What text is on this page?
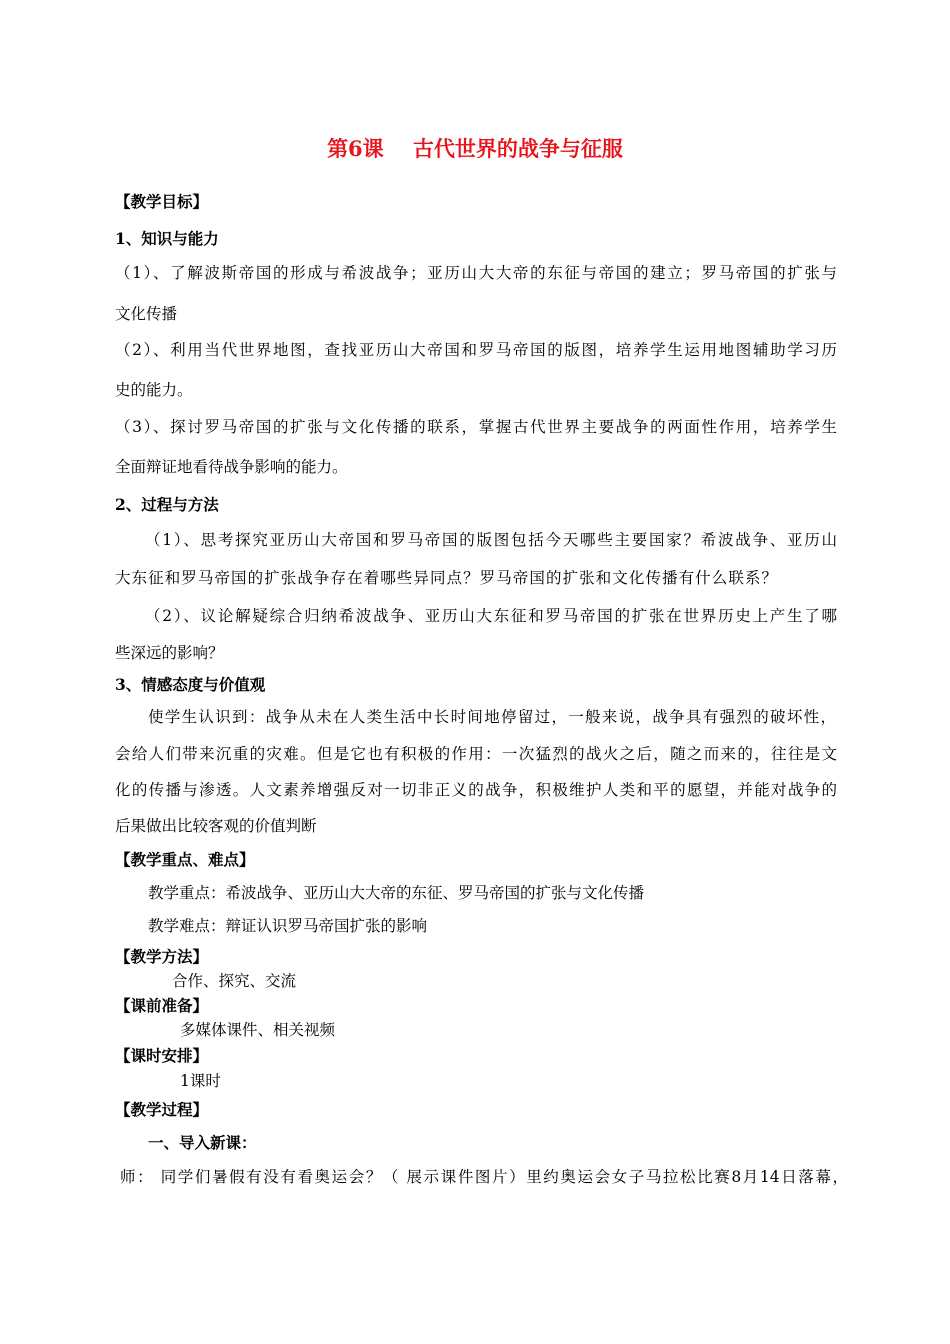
第6课    古代世界的战争与征服
【教学目标】
1、知识与能力
（1）、了解波斯帝国的形成与希波战争；亚历山大大帝的东征与帝国的建立；罗马帝国的扩张与
文化传播
（2）、利用当代世界地图，查找亚历山大帝国和罗马帝国的版图，培养学生运用地图辅助学习历
史的能力。
（3）、探讨罗马帝国的扩张与文化传播的联系，掌握古代世界主要战争的两面性作用，培养学生
全面辩证地看待战争影响的能力。
2、过程与方法
（1）、思考探究亚历山大帝国和罗马帝国的版图包括今天哪些主要国家？希波战争、亚历山
大东征和罗马帝国的扩张战争存在着哪些异同点？罗马帝国的扩张和文化传播有什么联系？
（2）、议论解疑综合归纳希波战争、亚历山大东征和罗马帝国的扩张在世界历史上产生了哪
些深远的影响？
3、情感态度与价值观
使学生认识到：战争从未在人类生活中长时间地停留过，一般来说，战争具有强烈的破坏性，
会给人们带来沉重的灾难。但是它也有积极的作用：一次猛烈的战火之后，随之而来的，往往是文
化的传播与渗透。人文素养增强反对一切非正义的战争，积极维护人类和平的愿望，并能对战争的
后果做出比较客观的价值判断
【教学重点、难点】
教学重点：希波战争、亚历山大大帝的东征、罗马帝国的扩张与文化传播
教学难点：辩证认识罗马帝国扩张的影响
【教学方法】
合作、探究、交流
【课前准备】
多媒体课件、相关视频
【课时安排】
1课时
【教学过程】
一、导入新课：
师： 同学们暑假有没有看奥运会？（ 展示课件图片）里约奥运会女子马拉松比赛8月14日落幕，
